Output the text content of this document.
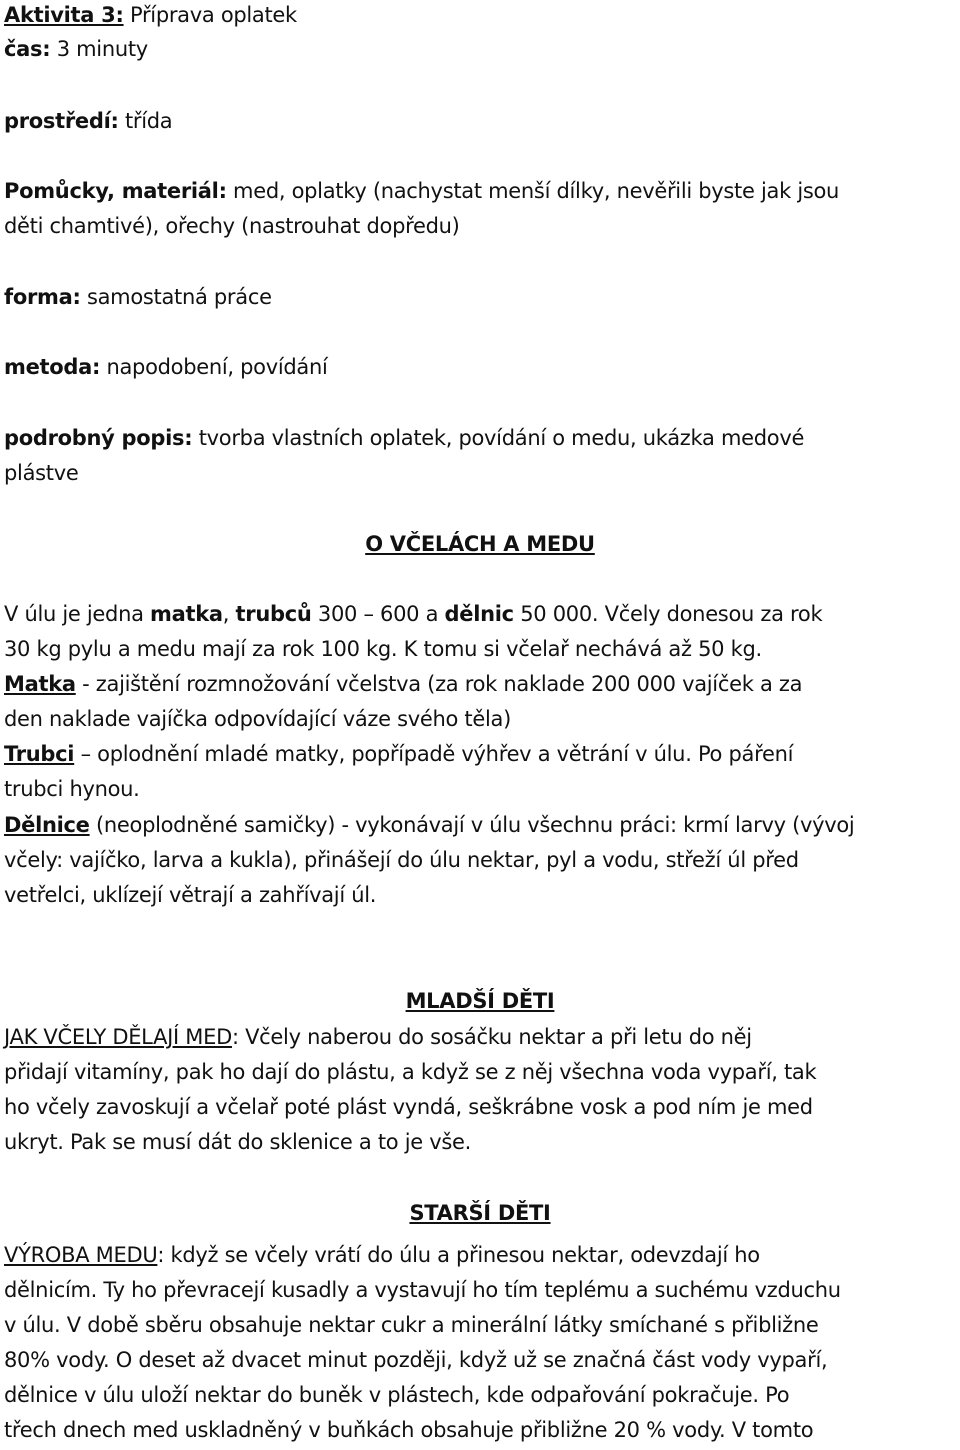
Aktivita 3: Příprava oplatek
čas: 3 minuty
prostředí: třída
Pomůcky, materiál: med, oplatky (nachystat menší dílky, nevěřili byste jak jsou
děti chamtivé), ořechy (nastrouhat dopředu)
forma: samostatná práce
metoda: napodobení, povídání
podrobný popis: tvorba vlastních oplatek, povídání o medu, ukázka medové
plástve
O VČELÁCH A MEDU
V úlu je jedna matka, trubců 300 – 600 a dělnic 50 000. Včely donesou za rok
30 kg pylu a medu mají za rok 100 kg. K tomu si včelař nechává až 50 kg.
Matka - zajištění rozmnožování včelstva (za rok naklade 200 000 vajíček a za
den naklade vajíčka odpovídající váze svého těla)
Trubci – oplodnění mladé matky, popřípadě výhřev a větrání v úlu. Po páření
trubci hynou.
Dělnice (neoplodněné samičky) - vykonávají v úlu všechnu práci: krmí larvy (vývoj
včely: vajíčko, larva a kukla), přinášejí do úlu nektar, pyl a vodu, střeží úl před
vetřelci, uklízejí větrají a zahřívají úl.
MLADŠÍ DĚTI
JAK VČELY DĚLAJÍ MED: Včely naberou do sosáčku nektar a při letu do něj
přidají vitamíny, pak ho dají do plástu, a když se z něj všechna voda vypaří, tak
ho včely zavoskují a včelař poté plást vyndá, seškrábne vosk a pod ním je med
ukryt. Pak se musí dát do sklenice a to je vše.
STARŠÍ DĚTI
VÝROBA MEDU: když se včely vrátí do úlu a přinesou nektar, odevzdají ho
dělnicím. Ty ho převracejí kusadly a vystavují ho tím teplému a suchému vzduchu
v úlu. V době sběru obsahuje nektar cukr a minerální látky smíchané s přibližne
80% vody. O deset až dvacet minut později, když už se značná část vody vypaří,
dělnice v úlu uloží nektar do buněk v plástech, kde odpařování pokračuje. Po
třech dnech med uskladněný v buňkách obsahuje přibližne 20 % vody. V tomto
